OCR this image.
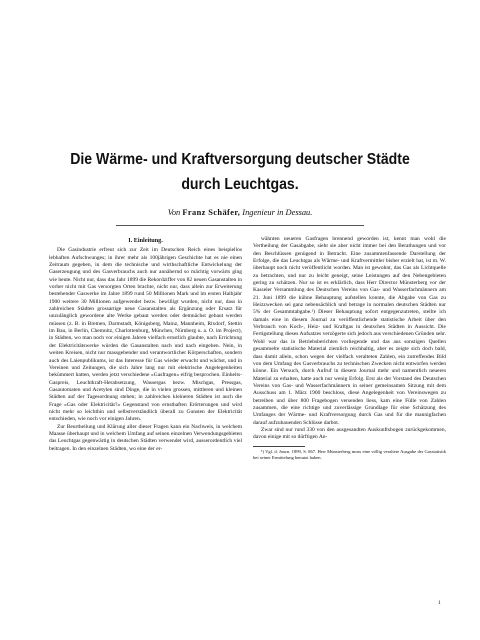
Die Wärme- und Kraftversorgung deutscher Städte
durch Leuchtgas.
Von Franz Schäfer, Ingenieur in Dessau.
I. Einleitung.

Die Gasindustrie erfreut sich zur Zeit im Deutschen Reich eines beispiellos lebhaften Aufschwunges; in ihrer mehr als 100jährigen Geschichte hat es nie einen Zeitraum gegeben, in dem die technische und wirthschaftliche Entwickelung der Gaserzeugung und des Gasverbrauchs auch nur annähernd so mächtig vorwärts ging wie heute. Nicht nur, dass das Jahr 1899 die Rekordziffer von 82 neuen Gasanstalten in vorher nicht mit Gas versorgten Orten brachte, nicht nur, dass allein zur Erweiterung bestehender Gaswerke im Jahre 1899 rund 50 Millionen Mark und im ersten Halbjahr 1900 weitere 30 Millionen aufgewendet bezw. bewilligt wurden, nicht nur, dass in zahlreichen Städten grossartige neue Gasanstalten als Ergänzung oder Ersatz für unzulänglich gewordene alte Werke gebaut werden oder demnächst gebaut werden müssen (z. B. in Bremen, Darmstadt, Königsberg, Mainz, Mannheim, Rixdorf, Stettin im Bau, in Berlin, Chemnitz, Charlottenburg, München, Nürnberg u. a. O. im Project), in Städten, wo man noch vor einigen Jahren vielfach ernstlich glaubte, nach Errichtung der Elektricitätswerke würden die Gasanstalten nach und nach eingehen. Nein, in weiten Kreisen, nicht nur massgebender und verantwortlicher Körperschaften, sondern auch des Laienpublikums, ist das Interesse für Gas wieder erwacht und wächst, und in Vereinen und Zeitungen, die sich Jahre lang nur mit elektrische Angelegenheiten bekümmert hatten, werden jetzt verschiedene »Gasfragen« eifrig besprochen. Einheits-Gaspreis, Leuchtkraft-Herabsetzung, Wassergas bezw. Mischgas, Pressgas, Gasautomaten und Acetylen sind Dinge, die in vielen grossen, mittleren und kleinen Städten auf der Tagesordnung stehen; in zahlreichen kleineren Städten ist auch die Frage »Gas oder Elektricität?« Gegenstand von ernsthaften Erörterungen und wird nicht mehr so leichthin und selbstverständlich überall zu Gunsten der Elektricität entschieden, wie noch vor einigen Jahren.

Zur Beurtheilung und Klärung aller dieser Fragen kann ein Nachweis, in welchem Maasse überhaupt und in welchem Umfang auf seinen einzelnen Verwendungsgebieten das Leuchtgas gegenwärtig in deutschen Städten verwendet wird, ausserordentlich viel beitragen. In den einzelnen Städten, wo eine der er-

wähnten neueren Gasfragen brennend geworden ist, kennt man wohl die Vertheilung der Gasabgabe, sieht sie aber nicht immer bei den Berathungen und vor den Beschlüssen genügend in Betracht. Eine zusammenfassende Darstellung der Erfolge, die das Leuchtgas als Wärme- und Kraftvermittler bisher erzielt hat, ist m. W. überhaupt noch nicht veröffentlicht worden. Man ist gewohnt, das Gas als Lichtquelle zu betrachten, und nur zu leicht geneigt, seine Leistungen auf den Nebengebieten gering zu schätzen. Nur so ist es erklärlich, dass Herr Director Münsterberg vor der Kasseler Versammlung des Deutschen Vereins von Gas- und Wasserfachmännern am 21. Juni 1899 die kühne Behauptung aufstellen konnte, die Abgabe von Gas zu Heizzwecken sei ganz nebensächlich und betrage in normalen deutschen Städten nur 5% der Gesammtabgabe.¹) Dieser Behauptung sofort entgegenzutreten, stellte ich damals eine in diesem Journal zu veröffentlichende statistische Arbeit über den Verbrauch von Koch-, Heiz- und Kraftgas in deutschen Städten in Aussicht. Die Fertigstellung dieses Aufsatzes verzögerte sich jedoch aus verschiedenen Gründen sehr. Wohl war das in Betriebsberichten vorliegende und das aus sonstigen Quellen gesammelte statistische Material ziemlich reichhaltig, aber es zeigte sich doch bald, dass damit allein, schon wegen der vielfach veralteten Zahlen, ein zutreffendes Bild von dem Umfang des Gasverbrauchs zu technischen Zwecken nicht entworfen werden könne. Ein Versuch, durch Aufruf in diesem Journal mehr und namentlich neueres Material zu erhalten, hatte auch nur wenig Erfolg. Erst als der Vorstand des Deutschen Vereins von Gas- und Wasserfachmännern in seiner gemeinsamen Sitzung mit dem Ausschuss am 1. März 1900 beschloss, diese Angelegenheit von Vereinswegen zu betreiben und über 800 Fragebogen versenden liess, kam eine Fülle von Zahlen zusammen, die eine richtige und zuverlässige Grundlage für eine Schätzung des Umfanges der Wärme- und Kraftversorgung durch Gas und für die mannigfachen darauf aufzubauenden Schlüsse darbot.

Zwar sind nur rund 330 von den ausgesandten Auskunftsbogen zurückgekommen, davon einige mit so dürftigen An-

¹) Vgl. d. Journ. 1899, S. 867. Herr Münsterberg muss eine völlig veraltete Ausgabe der Gasstatistik bei seiner Ermittelung benutzt haben.

1
